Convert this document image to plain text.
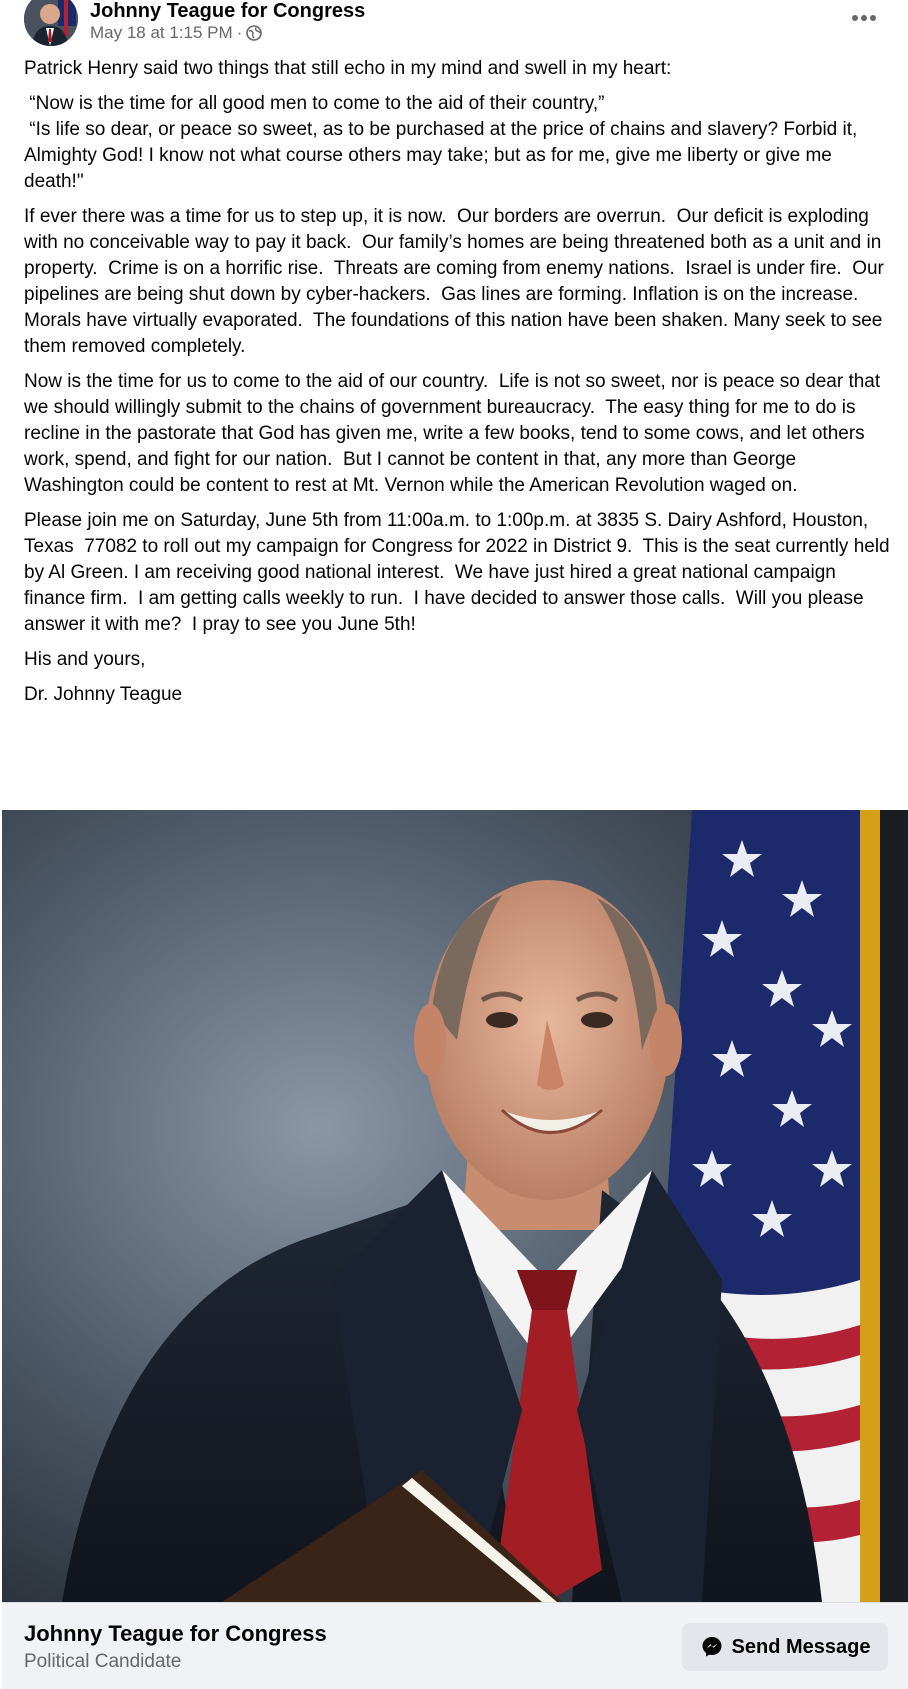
Johnny Teague for Congress
May 18 at 1:15 PM ·

Patrick Henry said two things that still echo in my mind and swell in my heart:

“Now is the time for all good men to come to the aid of their country,”
“Is life so dear, or peace so sweet, as to be purchased at the price of chains and slavery? Forbid it, Almighty God! I know not what course others may take; but as for me, give me liberty or give me death!"

If ever there was a time for us to step up, it is now.  Our borders are overrun.  Our deficit is exploding with no conceivable way to pay it back.  Our family’s homes are being threatened both as a unit and in property.  Crime is on a horrific rise.  Threats are coming from enemy nations.  Israel is under fire.  Our pipelines are being shut down by cyber-hackers.  Gas lines are forming. Inflation is on the increase. Morals have virtually evaporated.  The foundations of this nation have been shaken. Many seek to see them removed completely.

Now is the time for us to come to the aid of our country.  Life is not so sweet, nor is peace so dear that we should willingly submit to the chains of government bureaucracy.  The easy thing for me to do is recline in the pastorate that God has given me, write a few books, tend to some cows, and let others work, spend, and fight for our nation.  But I cannot be content in that, any more than George Washington could be content to rest at Mt. Vernon while the American Revolution waged on.

Please join me on Saturday, June 5th from 11:00a.m. to 1:00p.m. at 3835 S. Dairy Ashford, Houston, Texas  77082 to roll out my campaign for Congress for 2022 in District 9.  This is the seat currently held by Al Green. I am receiving good national interest.  We have just hired a great national campaign finance firm.  I am getting calls weekly to run.  I have decided to answer those calls.  Will you please answer it with me?  I pray to see you June 5th!

His and yours,

Dr. Johnny Teague

Johnny Teague for Congress
Political Candidate
Send Message
